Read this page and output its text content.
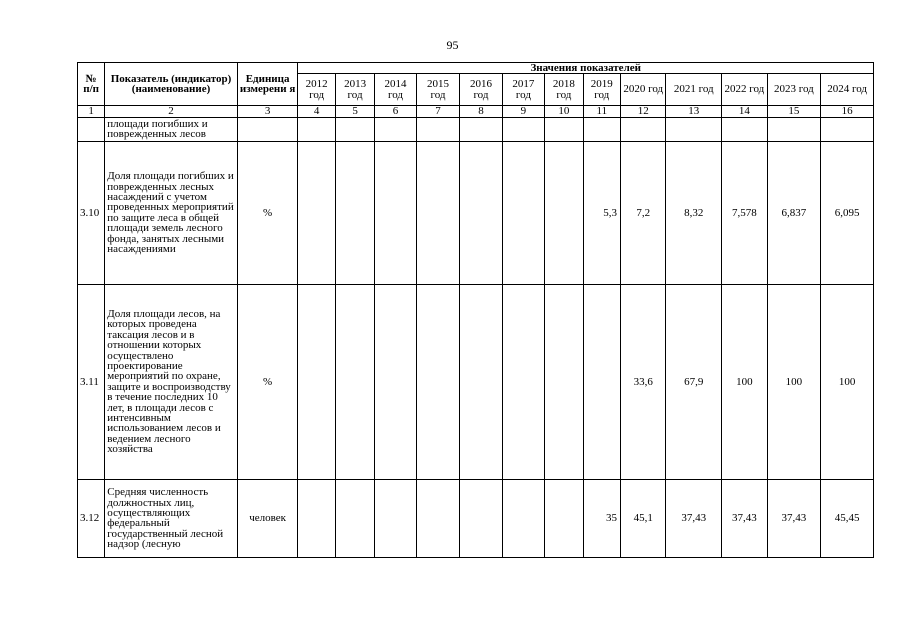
95
№ п/п	Показатель (индикатор) (наименование)	Единица измерени я	Значения показателей												
			2012 год	2013 год	2014 год	2015 год	2016 год	2017 год	2018 год	2019 год	2020 год	2021 год	2022 год	2023 год	2024 год
1	2	3	4	5	6	7	8	9	10	11	12	13	14	15	16
	площади погибших и поврежденных лесов														
3.10	Доля площади погибших и поврежденных лесных насаждений с учетом проведенных мероприятий по защите леса в общей площади земель лесного фонда, занятых лесными насаждениями	%								5,3	7,2	8,32	7,578	6,837	6,095
3.11	Доля площади лесов, на которых проведена таксация лесов и в отношении которых осуществлено проектирование мероприятий по охране, защите и воспроизводству в течение последних 10 лет, в площади лесов с интенсивным использованием лесов и ведением лесного хозяйства	%									33,6	67,9	100	100	100
3.12	Средняя численность должностных лиц, осуществляющих федеральный государственный лесной надзор (лесную	человек								35	45,1	37,43	37,43	37,43	45,45
